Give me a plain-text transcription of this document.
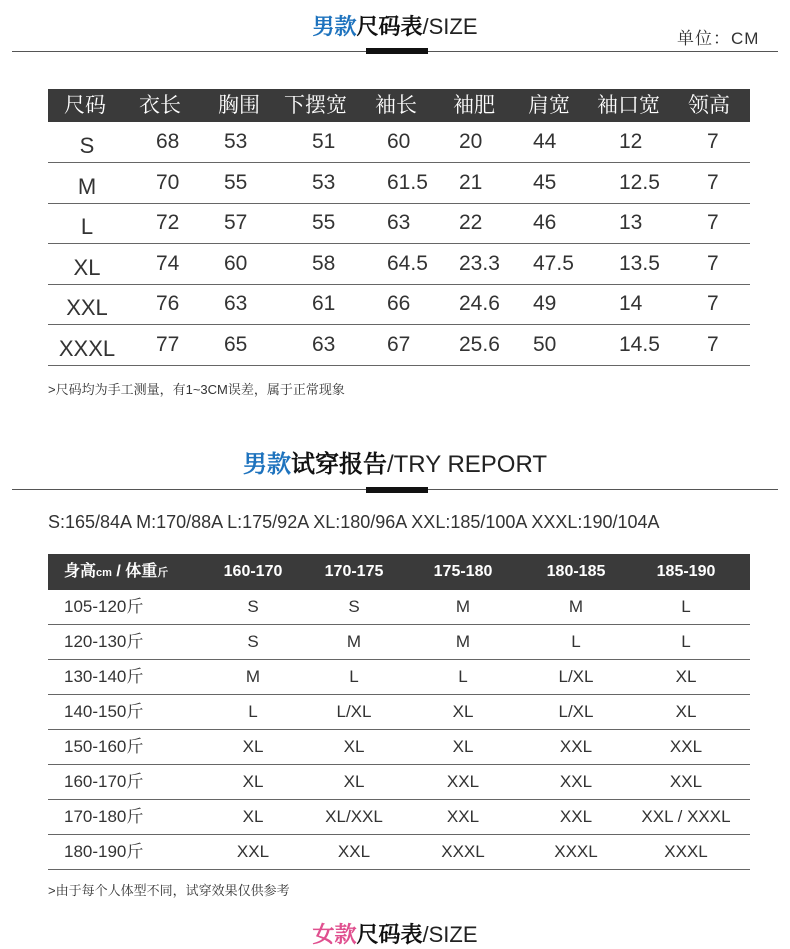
男款尺码表/SIZE	单位：CM
尺码 衣长 胸围 下摆宽 袖长 袖肥 肩宽 袖口宽 领高
S	68 53	51 60 20 44	12	7
M	70 55	53 61.5 21 45	12.5 7
L	72 57	55 63 22 46	13	7
XL	74 60	58 64.5 23.3 47.5 13.5 7
XXL	76 63	61 66 24.6 49	14	7
XXXL	77 65	63 67 25.6 50	14.5 7
>尺码均为手工测量，有1~3CM误差，属于正常现象
男款试穿报告/TRY REPORT
S:165/84A M:170/88A L:175/92A XL:180/96A XXL:185/100A XXXL:190/104A
身高cm / 体重斤	160-170	170-175	175-180	180-185	185-190
105-120斤	S	S	M	M	L
120-130斤	S	M	M	L	L
130-140斤	M	L	L	L/XL	XL
140-150斤	L	L/XL	XL	L/XL	XL
150-160斤	XL	XL	XL	XXL	XXL
160-170斤	XL	XL	XXL	XXL	XXL
170-180斤	XL	XL/XXL	XXL	XXL	XXL / XXXL
180-190斤	XXL	XXL	XXXL	XXXL	XXXL
>由于每个人体型不同，试穿效果仅供参考
女款尺码表/SIZE
